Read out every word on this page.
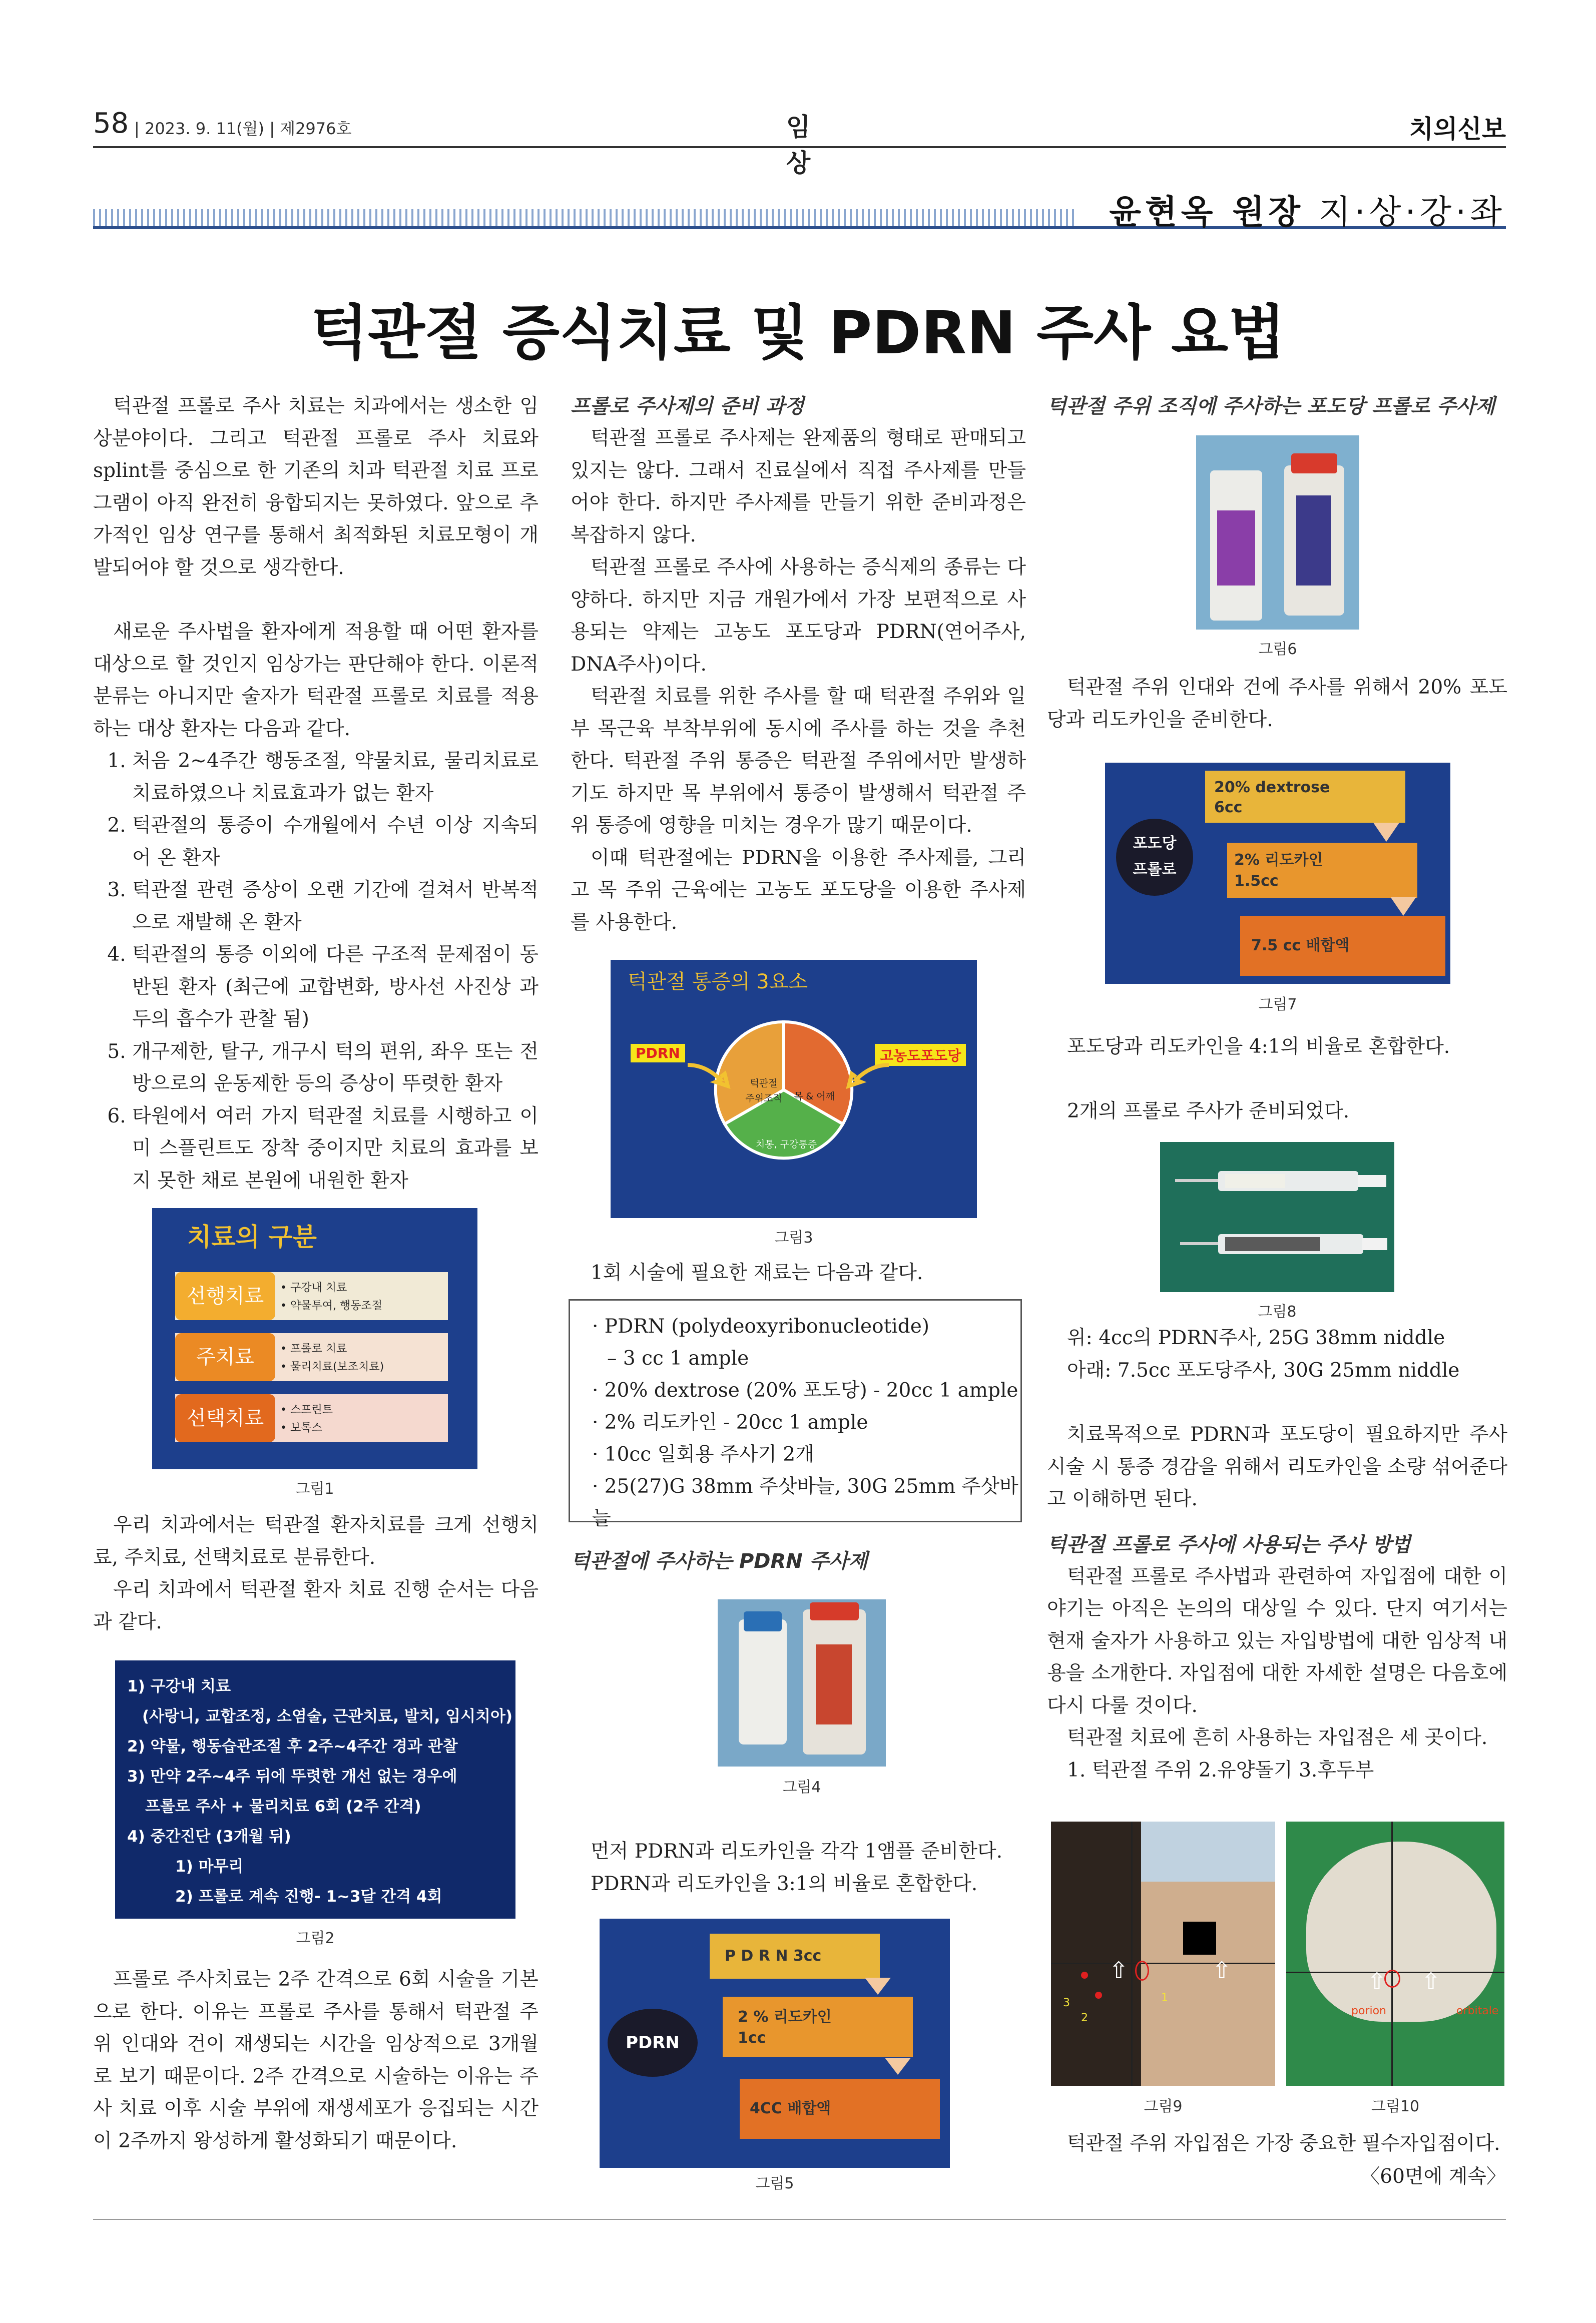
58 | 2023. 9. 11(월) | 제2976호	임 상
치의신보
윤현옥 원장 지·상·강·좌
턱관절 증식치료 및 PDRN 주사 요법

턱관절 프롤로 주사 치료는 치과에서는 생소한 임상분야이다. 그리고 턱관절 프롤로 주사 치료와 splint를 중심으로 한 기존의 치과 턱관절 치료 프로그램이 아직 완전히 융합되지는 못하였다. 앞으로 추가적인 임상 연구를 통해서 최적화된 치료모형이 개발되어야 할 것으로 생각한다.

새로운 주사법을 환자에게 적용할 때 어떤 환자를 대상으로 할 것인지 임상가는 판단해야 한다. 이론적 분류는 아니지만 술자가 턱관절 프롤로 치료를 적용하는 대상 환자는 다음과 같다.

1. 처음 2~4주간 행동조절, 약물치료, 물리치료로 치료하였으나 치료효과가 없는 환자
2. 턱관절의 통증이 수개월에서 수년 이상 지속되어 온 환자
3. 턱관절 관련 증상이 오랜 기간에 걸쳐서 반복적으로 재발해 온 환자
4. 턱관절의 통증 이외에 다른 구조적 문제점이 동반된 환자 (최근에 교합변화, 방사선 사진상 과두의 흡수가 관찰 됨)
5. 개구제한, 탈구, 개구시 턱의 편위, 좌우 또는 전방으로의 운동제한 등의 증상이 뚜렷한 환자
6. 타원에서 여러 가지 턱관절 치료를 시행하고 이미 스플린트도 장착 중이지만 치료의 효과를 보지 못한 채로 본원에 내원한 환자
치료의 구분
선행치료	• 구강내 치료
• 약물투여, 행동조절
주치료	• 프롤로 치료
• 물리치료(보조치료)
선택치료	• 스프린트
• 보톡스
그림1

우리 치과에서는 턱관절 환자치료를 크게 선행치료, 주치료, 선택치료로 분류한다.

우리 치과에서 턱관절 환자 치료 진행 순서는 다음과 같다.

1) 구강내 치료
(사랑니, 교합조정, 소염술, 근관치료, 발치, 임시치아)
2) 약물, 행동습관조절 후 2주~4주간 경과 관찰
3) 만약 2주~4주 뒤에 뚜렷한 개선 없는 경우에
프롤로 주사 + 물리치료 6회 (2주 간격)
4) 중간진단 (3개월 뒤)
1) 마무리
2) 프롤로 계속 진행- 1~3달 간격 4회
그림2

프롤로 주사치료는 2주 간격으로 6회 시술을 기본으로 한다. 이유는 프롤로 주사를 통해서 턱관절 주위 인대와 건이 재생되는 시간을 임상적으로 3개월로 보기 때문이다. 2주 간격으로 시술하는 이유는 주사 치료 이후 시술 부위에 재생세포가 응집되는 시간이 2주까지 왕성하게 활성화되기 때문이다.

프롤로 주사제의 준비 과정

턱관절 프롤로 주사제는 완제품의 형태로 판매되고 있지는 않다. 그래서 진료실에서 직접 주사제를 만들어야 한다. 하지만 주사제를 만들기 위한 준비과정은 복잡하지 않다.

턱관절 프롤로 주사에 사용하는 증식제의 종류는 다양하다. 하지만 지금 개원가에서 가장 보편적으로 사용되는 약제는 고농도 포도당과 PDRN(연어주사, DNA주사)이다.

턱관절 치료를 위한 주사를 할 때 턱관절 주위와 일부 목근육 부착부위에 동시에 주사를 하는 것을 추천한다. 턱관절 주위 통증은 턱관절 주위에서만 발생하기도 하지만 목 부위에서 통증이 발생해서 턱관절 주위 통증에 영향을 미치는 경우가 많기 때문이다.

이때 턱관절에는 PDRN을 이용한 주사제를, 그리고 목 주위 근육에는 고농도 포도당을 이용한 주사제를 사용한다.

턱관절 통증의 3요소
PDRN	고농도포도당
턱관절
주위조직	목 & 어깨
치통, 구강통증
그림3

1회 시술에 필요한 재료는 다음과 같다.

· PDRN (polydeoxyribonucleotide)
– 3 cc 1 ample
· 20% dextrose (20% 포도당) - 20cc 1 ample
· 2% 리도카인 - 20cc 1 ample
· 10cc 일회용 주사기 2개
· 25(27)G 38mm 주삿바늘, 30G 25mm 주삿바늘

턱관절에 주사하는 PDRN 주사제

그림4

먼저 PDRN과 리도카인을 각각 1앰플 준비한다.

PDRN과 리도카인을 3:1의 비율로 혼합한다.

PDRN
P D R N 3cc
2 % 리도카인
1cc
4CC 배합액
그림5

턱관절 주위 조직에 주사하는 포도당 프롤로 주사제

그림6

턱관절 주위 인대와 건에 주사를 위해서 20% 포도당과 리도카인을 준비한다.

포도당
프롤로
20% dextrose
6cc
2% 리도카인
1.5cc
7.5 cc 배합액
그림7

포도당과 리도카인을 4:1의 비율로 혼합한다.

2개의 프롤로 주사가 준비되었다.

그림8

위: 4cc의 PDRN주사, 25G 38mm niddle

아래: 7.5cc 포도당주사, 30G 25mm niddle

치료목적으로 PDRN과 포도당이 필요하지만 주사 시술 시 통증 경감을 위해서 리도카인을 소량 섞어준다고 이해하면 된다.

턱관절 프롤로 주사에 사용되는 주사 방법

턱관절 프롤로 주사법과 관련하여 자입점에 대한 이야기는 아직은 논의의 대상일 수 있다. 단지 여기서는 현재 술자가 사용하고 있는 자입방법에 대한 임상적 내용을 소개한다. 자입점에 대한 자세한 설명은 다음호에 다시 다룰 것이다.

턱관절 치료에 흔히 사용하는 자입점은 세 곳이다.

1. 턱관절 주위 2.유양돌기 3.후두부

1
2
3
⇧	⇧
그림9
porion	orbitale
⇧ ⇧
그림10

턱관절 주위 자입점은 가장 중요한 필수자입점이다.

〈60면에 계속〉
